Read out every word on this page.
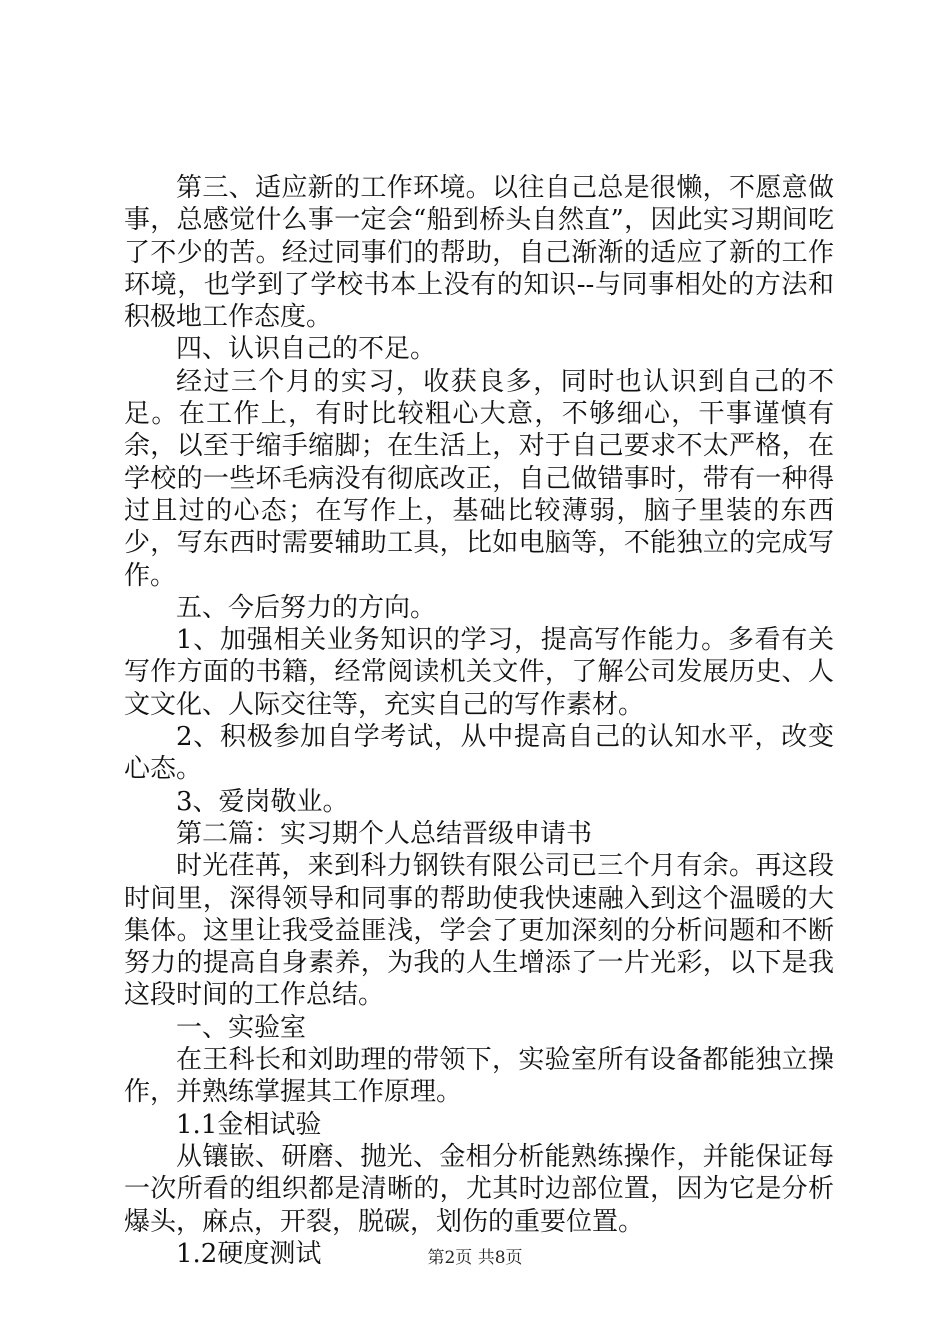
第三、适应新的工作环境。以往自己总是很懒，不愿意做事，总感觉什么事一定会“船到桥头自然直”，因此实习期间吃了不少的苦。经过同事们的帮助，自己渐渐的适应了新的工作环境，也学到了学校书本上没有的知识--与同事相处的方法和积极地工作态度。

四、认识自己的不足。

经过三个月的实习，收获良多，同时也认识到自己的不足。在工作上，有时比较粗心大意，不够细心，干事谨慎有余，以至于缩手缩脚；在生活上，对于自己要求不太严格，在学校的一些坏毛病没有彻底改正，自己做错事时，带有一种得过且过的心态；在写作上，基础比较薄弱，脑子里装的东西少，写东西时需要辅助工具，比如电脑等，不能独立的完成写作。

五、今后努力的方向。

1、加强相关业务知识的学习，提高写作能力。多看有关写作方面的书籍，经常阅读机关文件，了解公司发展历史、人文文化、人际交往等，充实自己的写作素材。

2、积极参加自学考试，从中提高自己的认知水平，改变心态。

3、爱岗敬业。

第二篇：实习期个人总结晋级申请书

时光荏苒，来到科力钢铁有限公司已三个月有余。再这段时间里，深得领导和同事的帮助使我快速融入到这个温暖的大集体。这里让我受益匪浅，学会了更加深刻的分析问题和不断努力的提高自身素养，为我的人生增添了一片光彩，以下是我这段时间的工作总结。

一、实验室

在王科长和刘助理的带领下，实验室所有设备都能独立操作，并熟练掌握其工作原理。

1.1金相试验

从镶嵌、研磨、抛光、金相分析能熟练操作，并能保证每一次所看的组织都是清晰的，尤其时边部位置，因为它是分析爆头，麻点，开裂，脱碳，划伤的重要位置。

1.2硬度测试	第2页 共8页
